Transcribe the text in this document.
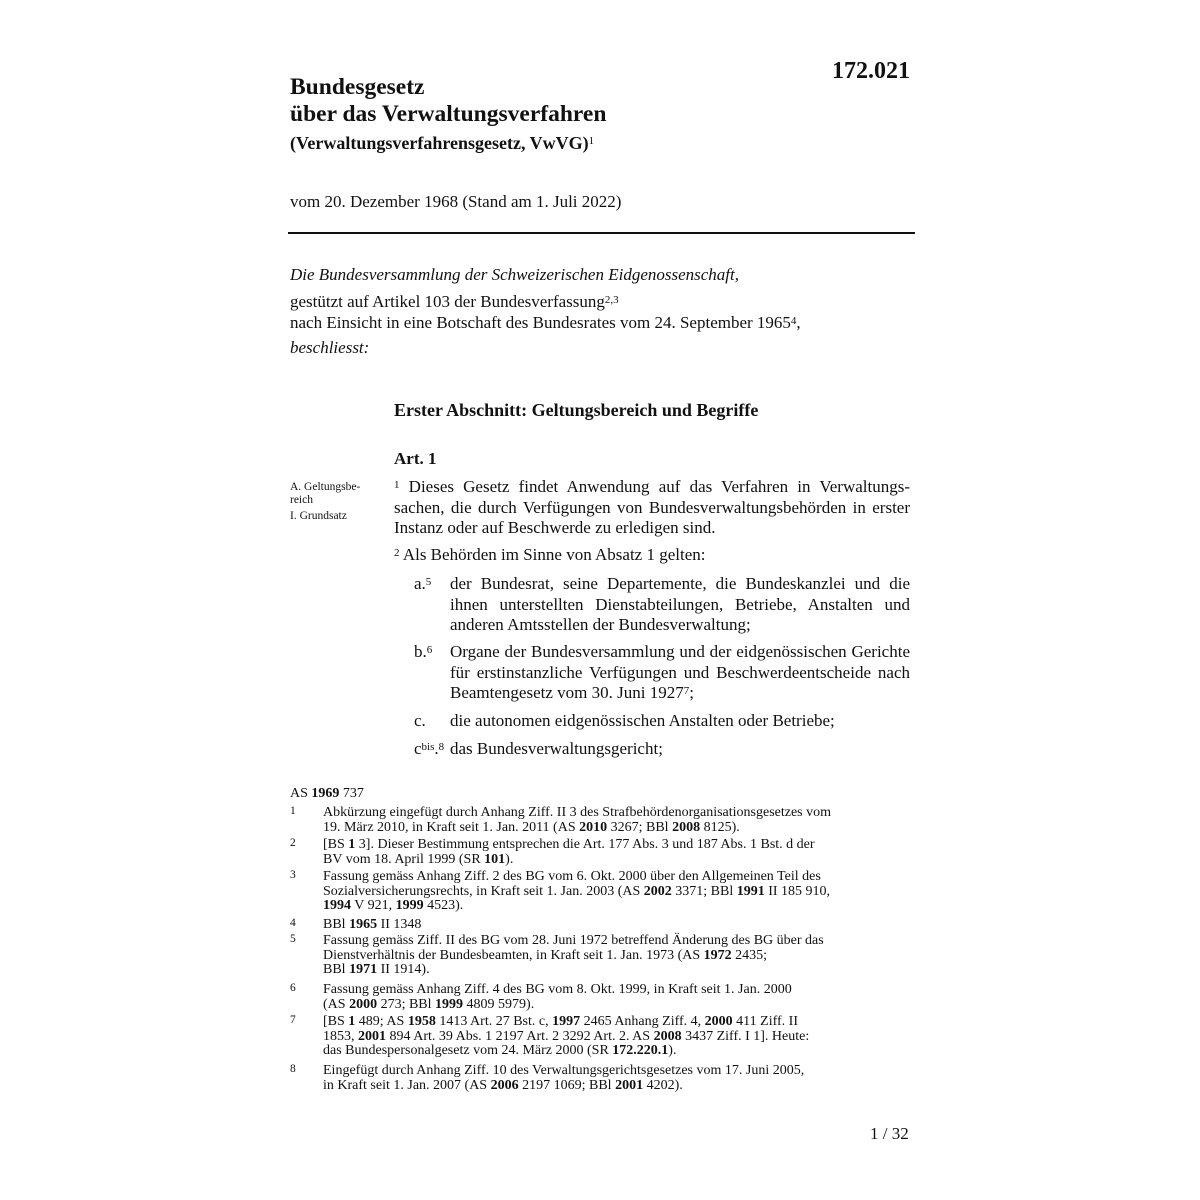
172.021
Bundesgesetz
über das Verwaltungsverfahren
(Verwaltungsverfahrensgesetz, VwVG)$^1$
vom 20. Dezember 1968 (Stand am 1. Juli 2022)
Die Bundesversammlung der Schweizerischen Eidgenossenschaft,
gestützt auf Artikel 103 der Bundesverfassung$^{2,3}$
nach Einsicht in eine Botschaft des Bundesrates vom 24. September 1965$^4$,
beschliesst:
Erster Abschnitt: Geltungsbereich und Begriffe
Art. 1
A. Geltungsbe-
reich
I. Grundsatz
$^1$ Dieses Gesetz findet Anwendung auf das Verfahren in Verwaltungssachen, die durch Verfügungen von Bundesverwaltungsbehörden in erster Instanz oder auf Beschwerde zu erledigen sind.
$^2$ Als Behörden im Sinne von Absatz 1 gelten:
a.$^5$ der Bundesrat, seine Departemente, die Bundeskanzlei und die ihnen unterstellten Dienstabteilungen, Betriebe, Anstalten und anderen Amtsstellen der Bundesverwaltung;
b.$^6$ Organe der Bundesversammlung und der eidgenössischen Gerichte für erstinstanzliche Verfügungen und Beschwerdeentscheide nach Beamtengesetz vom 30. Juni 1927$^7$;
c. die autonomen eidgenössischen Anstalten oder Betriebe;
$c^{bis}.^8$ das Bundesverwaltungsgericht;
AS 1969 737
1 Abkürzung eingefügt durch Anhang Ziff. II 3 des Strafbehördenorganisationsgesetzes vom
19. März 2010, in Kraft seit 1. Jan. 2011 (AS 2010 3267; BBl 2008 8125).
2 [BS 1 3]. Dieser Bestimmung entsprechen die Art. 177 Abs. 3 und 187 Abs. 1 Bst. d der
BV vom 18. April 1999 (SR 101).
3 Fassung gemäss Anhang Ziff. 2 des BG vom 6. Okt. 2000 über den Allgemeinen Teil des
Sozialversicherungsrechts, in Kraft seit 1. Jan. 2003 (AS 2002 3371; BBl 1991 II 185 910,
1994 V 921, 1999 4523).
4 BBl 1965 II 1348
5 Fassung gemäss Ziff. II des BG vom 28. Juni 1972 betreffend Änderung des BG über das
Dienstverhältnis der Bundesbeamten, in Kraft seit 1. Jan. 1973 (AS 1972 2435;
BBl 1971 II 1914).
6 Fassung gemäss Anhang Ziff. 4 des BG vom 8. Okt. 1999, in Kraft seit 1. Jan. 2000
(AS 2000 273; BBl 1999 4809 5979).
7 [BS 1 489; AS 1958 1413 Art. 27 Bst. c, 1997 2465 Anhang Ziff. 4, 2000 411 Ziff. II
1853, 2001 894 Art. 39 Abs. 1 2197 Art. 2 3292 Art. 2. AS 2008 3437 Ziff. I 1]. Heute:
das Bundespersonalgesetz vom 24. März 2000 (SR 172.220.1).
8 Eingefügt durch Anhang Ziff. 10 des Verwaltungsgerichtsgesetzes vom 17. Juni 2005,
in Kraft seit 1. Jan. 2007 (AS 2006 2197 1069; BBl 2001 4202).
1 / 32
